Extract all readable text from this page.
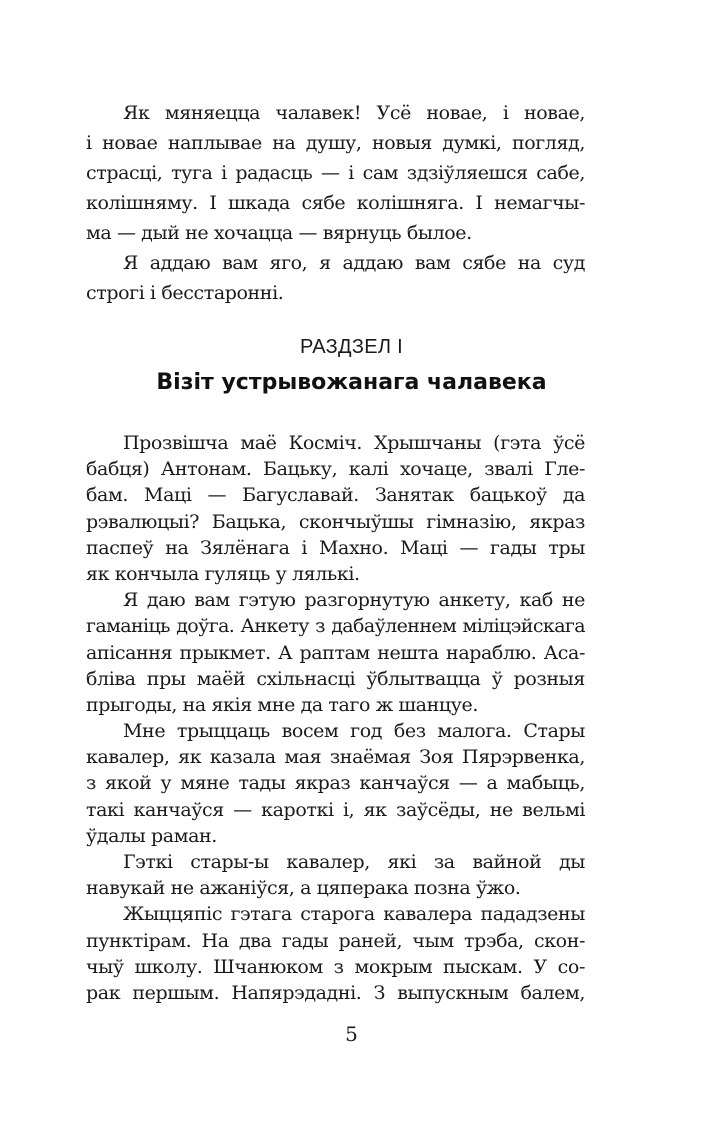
Як мяняецца чалавек! Усё новае, і новае,
і новае наплывае на душу, новыя думкі, погляд,
страсці, туга і радасць — і сам здзіўляешся сабе,
колішняму. І шкада сябе колішняга. І немагчы-
ма — дый не хочацца — вярнуць былое.
Я аддаю вам яго, я аддаю вам сябе на суд
строгі і бесстаронні.
РАЗДЗЕЛ I
Візіт устрывожанага чалавека
Прозвішча маё Космiч. Хрышчаны (гэта ўсё
бабця) Антонам. Бацьку, калі хочаце, звалі Гле-
бам. Маці — Багуславай. Занятак бацькоў да
рэвалюцыі? Бацька, скончыўшы гімназію, якраз
паспеў на Зялёнага і Махно. Маці — гады тры
як кончыла гуляць у лялькі.
Я даю вам гэтую разгорнутую анкету, каб не
гаманіць доўга. Анкету з дабаўленнем міліцэйскага
апісання прыкмет. А раптам нешта нараблю. Аса-
бліва пры маёй схільнасці ўблытвацца ў розныя
прыгоды, на якія мне да таго ж шанцуе.
Мне трыццаць восем год без малога. Стары
кавалер, як казала мая знаёмая Зоя Пярэрвенка,
з якой у мяне тады якраз канчаўся — а мабыць,
такі канчаўся — кароткі і, як заўсёды, не вельмі
ўдалы раман.
Гэткі стары-ы кавалер, які за вайной ды
навукай не ажаніўся, а цяперака позна ўжо.
Жыццяпіс гэтага старога кавалера пададзены
пунктірам. На два гады раней, чым трэба, скон-
чыў школу. Шчанюком з мокрым пыскам. У со-
рак першым. Напярэдадні. З выпускным балем,
5
